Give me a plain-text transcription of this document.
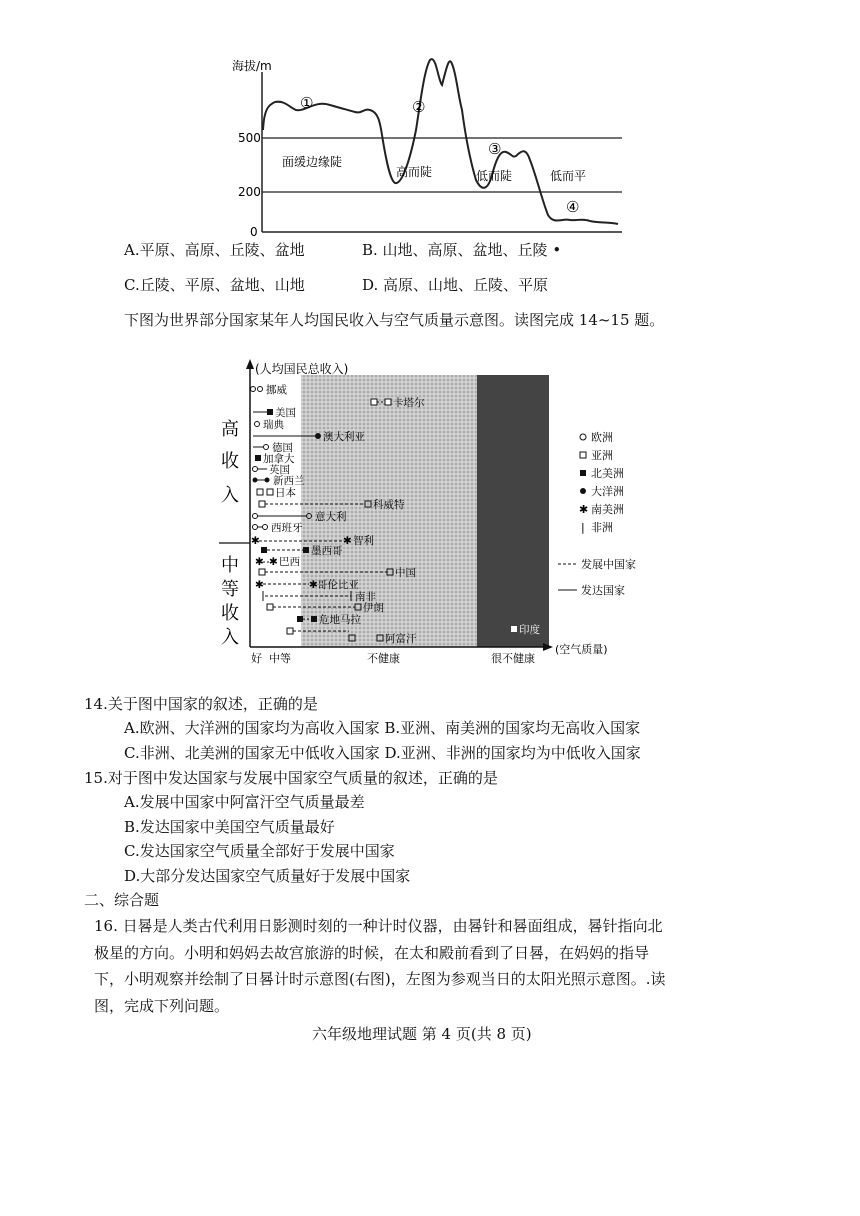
海拔/m
500
200
0
①	②
③
④
面缓边缘陡
高而陡	低而陡	低而平
A.平原、高原、丘陵、盆地	B. 山地、高原、盆地、丘陵 •
C.丘陵、平原、盆地、山地	D. 高原、山地、丘陵、平原
下图为世界部分国家某年人均国民收入与空气质量示意图。读图完成 14~15 题。
(人均国民总收入)
高
收
入
中
等
收
入
好 中等	不健康	很不健康
(空气质量)
挪威
美国
瑞典
澳大利亚
德国
加拿大
英国
新西兰
日本
科威特
意大利
西班牙
✱	✱ 智利
墨西哥
✱ ✱ 巴西
中国
✱	✱ 哥伦比亚
南非
伊朗
危地马拉
阿富汗
卡塔尔
印度
欧洲
亚洲
北美洲
大洋洲
✱ 南美洲
| 非洲
发展中国家
发达国家
14.关于图中国家的叙述，正确的是
A.欧洲、大洋洲的国家均为高收入国家 B.亚洲、南美洲的国家均无高收入国家
C.非洲、北美洲的国家无中低收入国家 D.亚洲、非洲的国家均为中低收入国家
15.对于图中发达国家与发展中国家空气质量的叙述，正确的是
A.发展中国家中阿富汗空气质量最差
B.发达国家中美国空气质量最好
C.发达国家空气质量全部好于发展中国家
D.大部分发达国家空气质量好于发展中国家
二、综合题
16. 日晷是人类古代利用日影测时刻的一种计时仪器，由晷针和晷面组成，晷针指向北
极星的方向。小明和妈妈去故宫旅游的时候，在太和殿前看到了日晷，在妈妈的指导
下，小明观察并绘制了日晷计时示意图(右图)，左图为参观当日的太阳光照示意图。.读
图，完成下列问题。
六年级地理试题 第 4 页(共 8 页)
